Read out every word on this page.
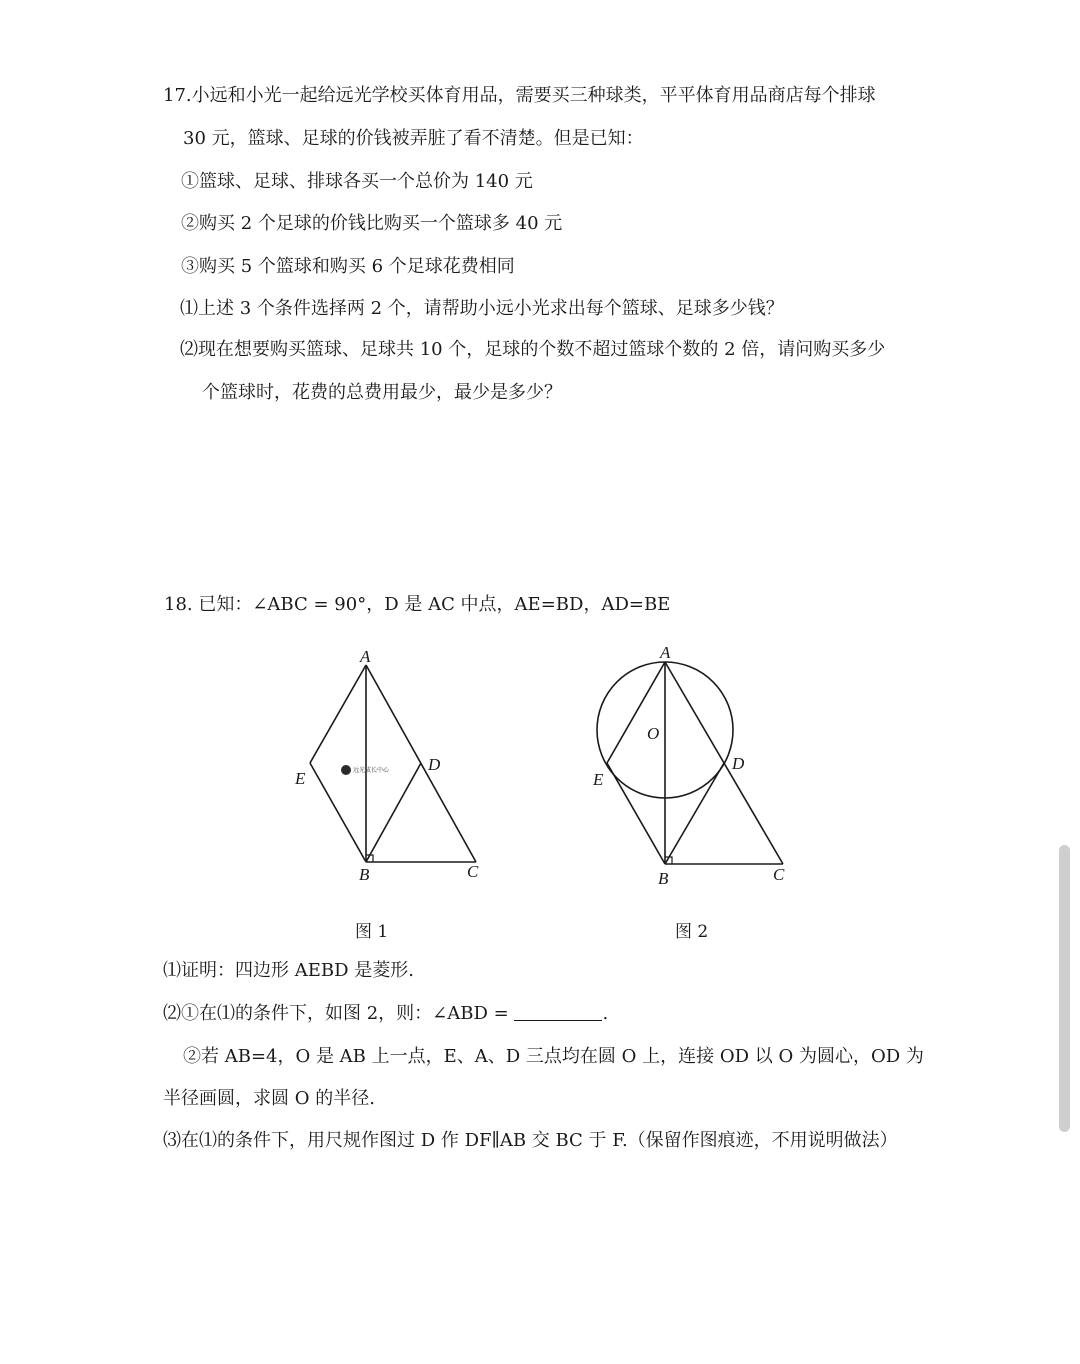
17.小远和小光一起给远光学校买体育用品，需要买三种球类，平平体育用品商店每个排球
30 元，篮球、足球的价钱被弄脏了看不清楚。但是已知：
①篮球、足球、排球各买一个总价为 140 元
②购买 2 个足球的价钱比购买一个篮球多 40 元
③购买 5 个篮球和购买 6 个足球花费相同
⑴上述 3 个条件选择两 2 个，请帮助小远小光求出每个篮球、足球多少钱？
⑵现在想要购买篮球、足球共 10 个，足球的个数不超过篮球个数的 2 倍，请问购买多少
个篮球时，花费的总费用最少，最少是多少？
18. 已知：∠ABC = 90°，D 是 AC 中点，AE=BD，AD=BE
远光成长中心
A
B	C
D
E
图 1
A
B	C
D
E
O
图 2
⑴证明：四边形 AEBD 是菱形.
⑵①在⑴的条件下，如图 2，则：∠ABD =	.
②若 AB=4，O 是 AB 上一点，E、A、D 三点均在圆 O 上，连接 OD 以 O 为圆心，OD 为
半径画圆，求圆 O 的半径.
⑶在⑴的条件下，用尺规作图过 D 作 DF∥AB 交 BC 于 F.（保留作图痕迹，不用说明做法）
